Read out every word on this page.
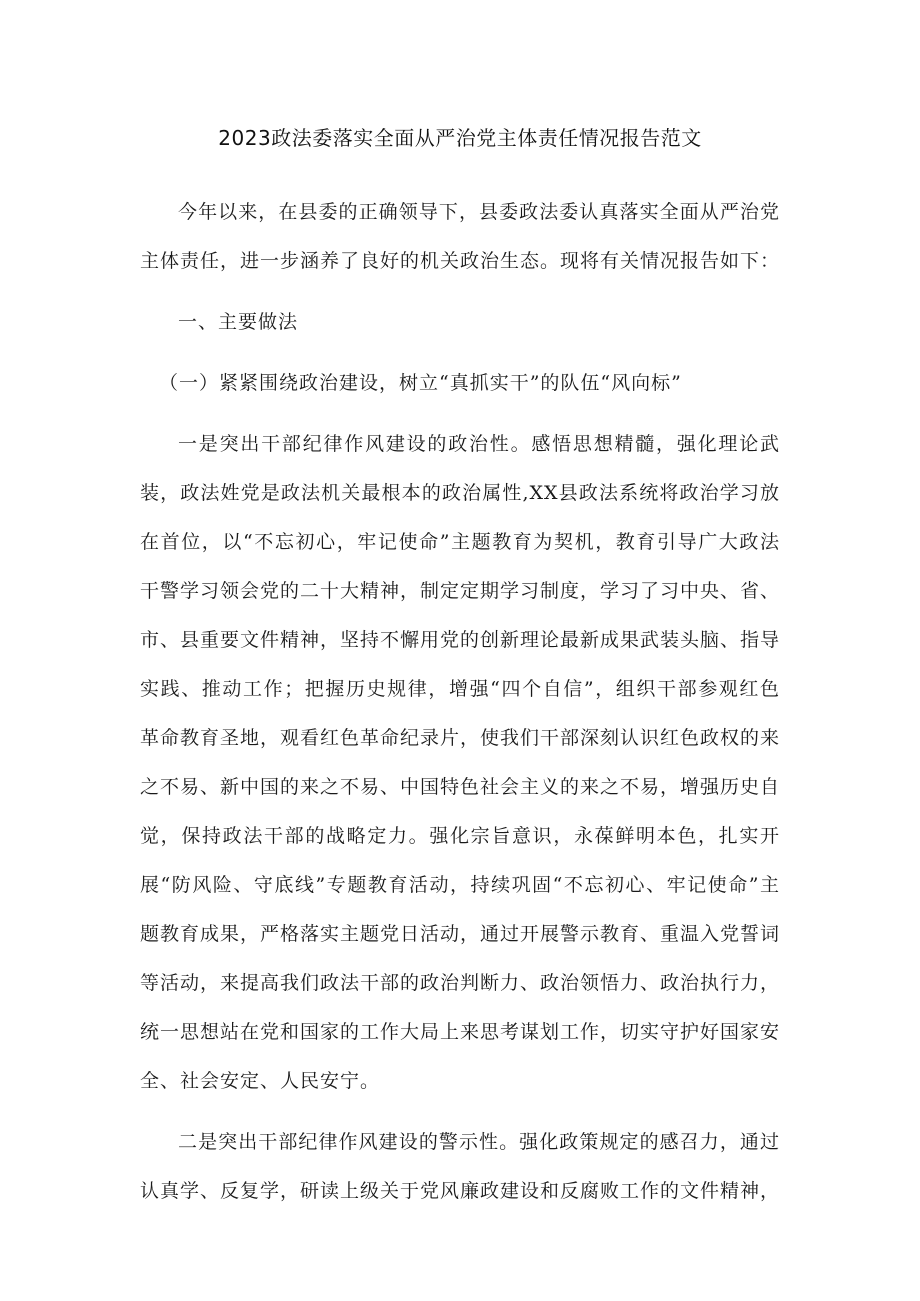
2023政法委落实全面从严治党主体责任情况报告范文

今年以来，在县委的正确领导下，县委政法委认真落实全面从严治党主体责任，进一步涵养了良好的机关政治生态。现将有关情况报告如下：

一、主要做法

（一）紧紧围绕政治建设，树立“真抓实干”的队伍“风向标”

一是突出干部纪律作风建设的政治性。感悟思想精髓，强化理论武装，政法姓党是政法机关最根本的政治属性,XX县政法系统将政治学习放在首位，以“不忘初心，牢记使命”主题教育为契机，教育引导广大政法干警学习领会党的二十大精神，制定定期学习制度，学习了习中央、省、市、县重要文件精神，坚持不懈用党的创新理论最新成果武装头脑、指导实践、推动工作；把握历史规律，增强“四个自信”，组织干部参观红色革命教育圣地，观看红色革命纪录片，使我们干部深刻认识红色政权的来之不易、新中国的来之不易、中国特色社会主义的来之不易，增强历史自觉，保持政法干部的战略定力。强化宗旨意识，永葆鲜明本色，扎实开展“防风险、守底线”专题教育活动，持续巩固“不忘初心、牢记使命”主题教育成果，严格落实主题党日活动，通过开展警示教育、重温入党誓词等活动，来提高我们政法干部的政治判断力、政治领悟力、政治执行力，统一思想站在党和国家的工作大局上来思考谋划工作，切实守护好国家安全、社会安定、人民安宁。

二是突出干部纪律作风建设的警示性。强化政策规定的感召力，通过认真学、反复学，研读上级关于党风廉政建设和反腐败工作的文件精神，
